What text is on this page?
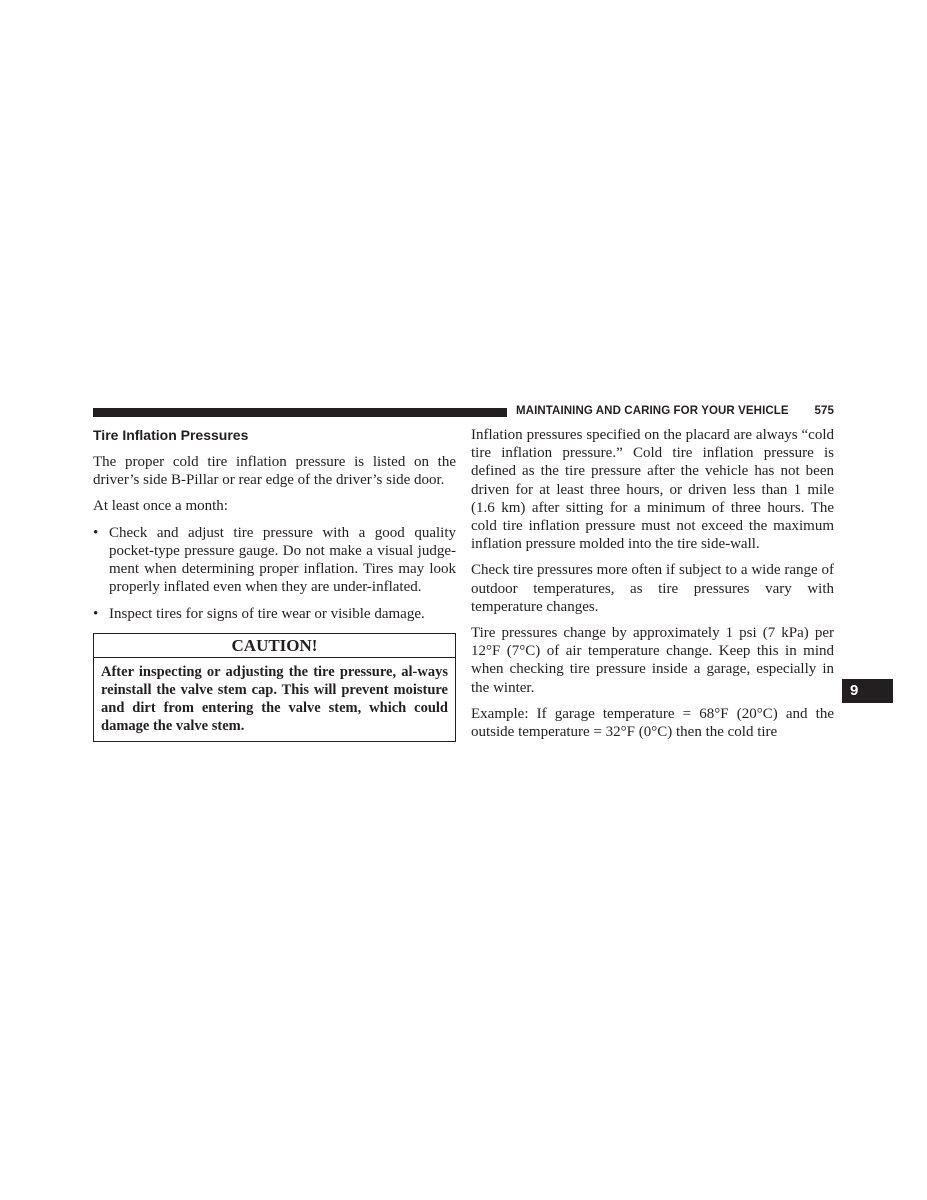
MAINTAINING AND CARING FOR YOUR VEHICLE 575
Tire Inflation Pressures

The proper cold tire inflation pressure is listed on the driver’s side B-Pillar or rear edge of the driver’s side door.

At least once a month:

• Check and adjust tire pressure with a good quality pocket-type pressure gauge. Do not make a visual judge-ment when determining proper inflation. Tires may look properly inflated even when they are under-inflated.
• Inspect tires for signs of tire wear or visible damage.
CAUTION!
After inspecting or adjusting the tire pressure, al-ways reinstall the valve stem cap. This will prevent moisture and dirt from entering the valve stem, which could damage the valve stem.

Inflation pressures specified on the placard are always “cold tire inflation pressure.” Cold tire inflation pressure is defined as the tire pressure after the vehicle has not been driven for at least three hours, or driven less than 1 mile (1.6 km) after sitting for a minimum of three hours. The cold tire inflation pressure must not exceed the maximum inflation pressure molded into the tire side-wall.

Check tire pressures more often if subject to a wide range of outdoor temperatures, as tire pressures vary with temperature changes.

Tire pressures change by approximately 1 psi (7 kPa) per 12°F (7°C) of air temperature change. Keep this in mind when checking tire pressure inside a garage, especially in the winter.

Example: If garage temperature = 68°F (20°C) and the outside temperature = 32°F (0°C) then the cold tire

9
